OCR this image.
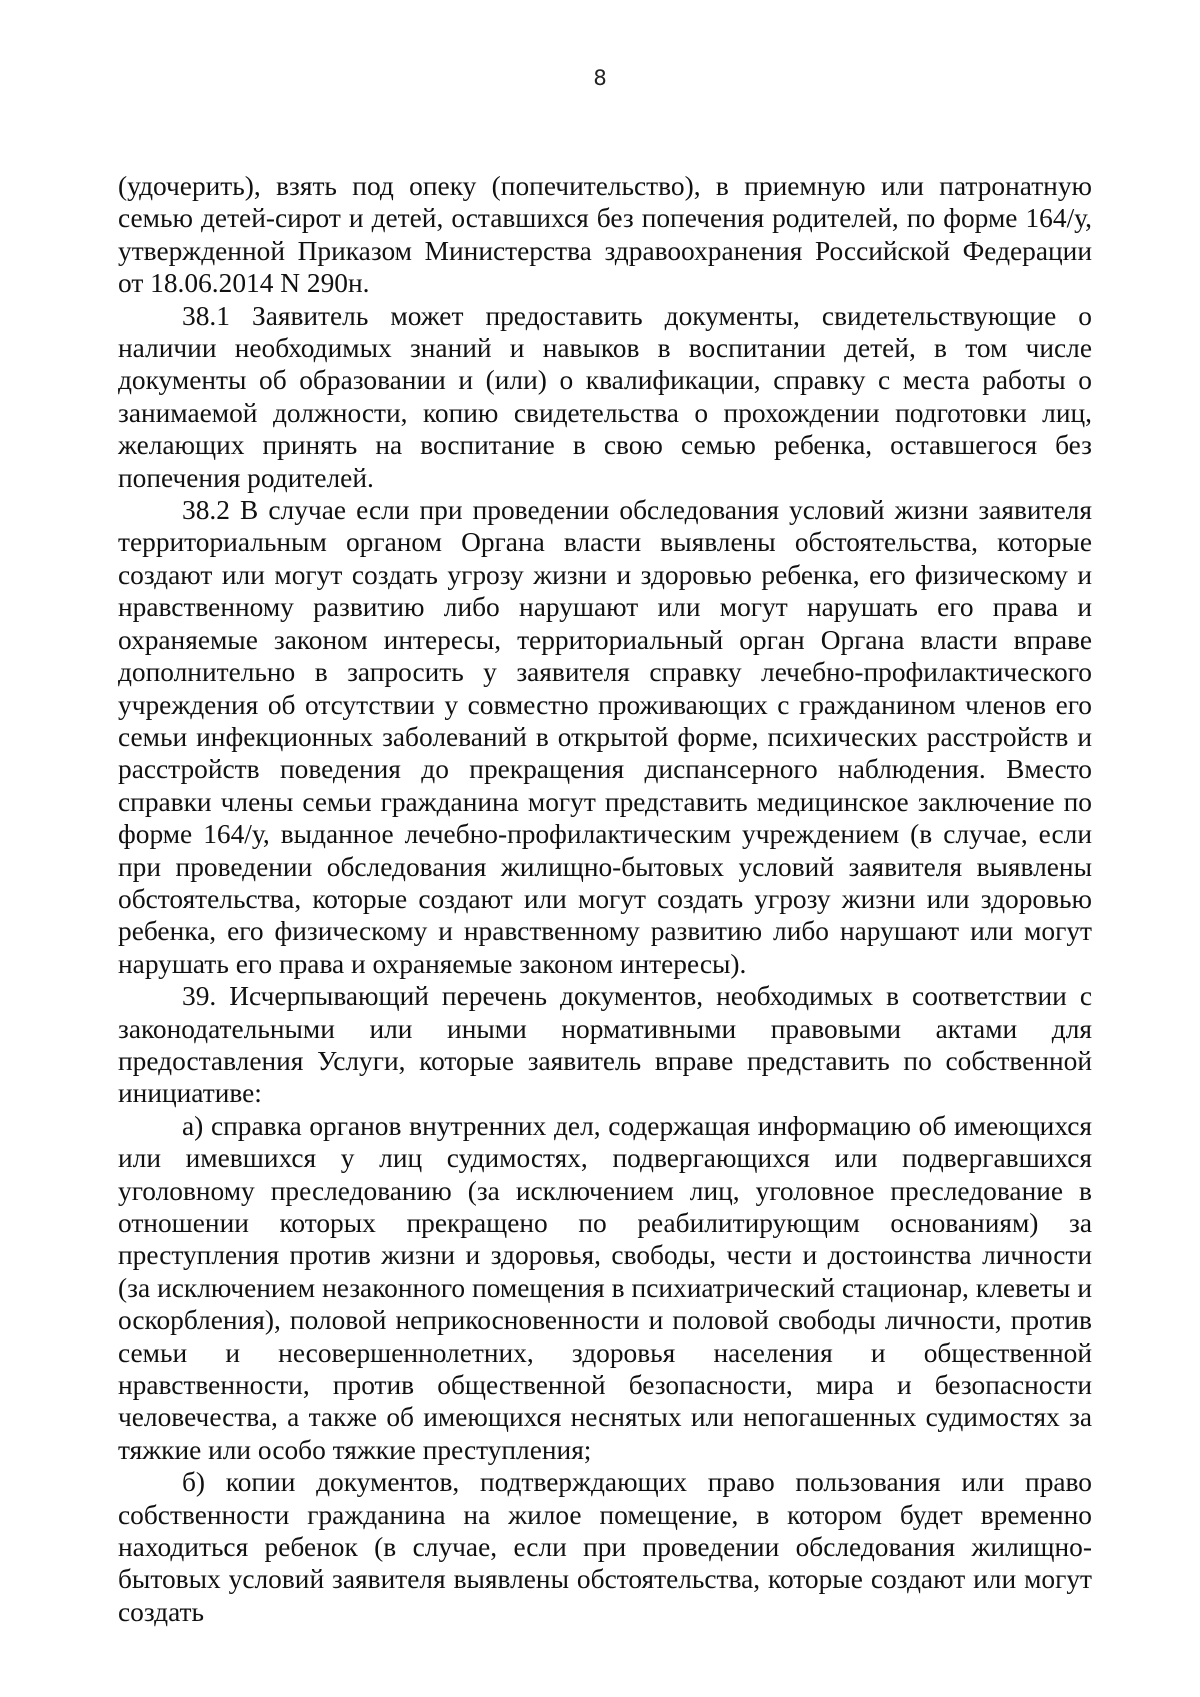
8

(удочерить), взять под опеку (попечительство), в приемную или патронатную семью детей-сирот и детей, оставшихся без попечения родителей, по форме 164/у, утвержденной Приказом Министерства здравоохранения Российской Федерации от 18.06.2014 N 290н.

38.1 Заявитель может предоставить документы, свидетельствующие о наличии необходимых знаний и навыков в воспитании детей, в том числе документы об образовании и (или) о квалификации, справку с места работы о занимаемой должности, копию свидетельства о прохождении подготовки лиц, желающих принять на воспитание в свою семью ребенка, оставшегося без попечения родителей.

38.2 В случае если при проведении обследования условий жизни заявителя территориальным органом Органа власти выявлены обстоятельства, которые создают или могут создать угрозу жизни и здоровью ребенка, его физическому и нравственному развитию либо нарушают или могут нарушать его права и охраняемые законом интересы, территориальный орган Органа власти вправе дополнительно в запросить у заявителя справку лечебно-профилактического учреждения об отсутствии у совместно проживающих с гражданином членов его семьи инфекционных заболеваний в открытой форме, психических расстройств и расстройств поведения до прекращения диспансерного наблюдения. Вместо справки члены семьи гражданина могут представить медицинское заключение по форме 164/у, выданное лечебно-профилактическим учреждением (в случае, если при проведении обследования жилищно-бытовых условий заявителя выявлены обстоятельства, которые создают или могут создать угрозу жизни или здоровью ребенка, его физическому и нравственному развитию либо нарушают или могут нарушать его права и охраняемые законом интересы).

39. Исчерпывающий перечень документов, необходимых в соответствии с законодательными или иными нормативными правовыми актами для предоставления Услуги, которые заявитель вправе представить по собственной инициативе:

а) справка органов внутренних дел, содержащая информацию об имеющихся или имевшихся у лиц судимостях, подвергающихся или подвергавшихся уголовному преследованию (за исключением лиц, уголовное преследование в отношении которых прекращено по реабилитирующим основаниям) за преступления против жизни и здоровья, свободы, чести и достоинства личности (за исключением незаконного помещения в психиатрический стационар, клеветы и оскорбления), половой неприкосновенности и половой свободы личности, против семьи и несовершеннолетних, здоровья населения и общественной нравственности, против общественной безопасности, мира и безопасности человечества, а также об имеющихся неснятых или непогашенных судимостях за тяжкие или особо тяжкие преступления;

б) копии документов, подтверждающих право пользования или право собственности гражданина на жилое помещение, в котором будет временно находиться ребенок (в случае, если при проведении обследования жилищно-бытовых условий заявителя выявлены обстоятельства, которые создают или могут создать
